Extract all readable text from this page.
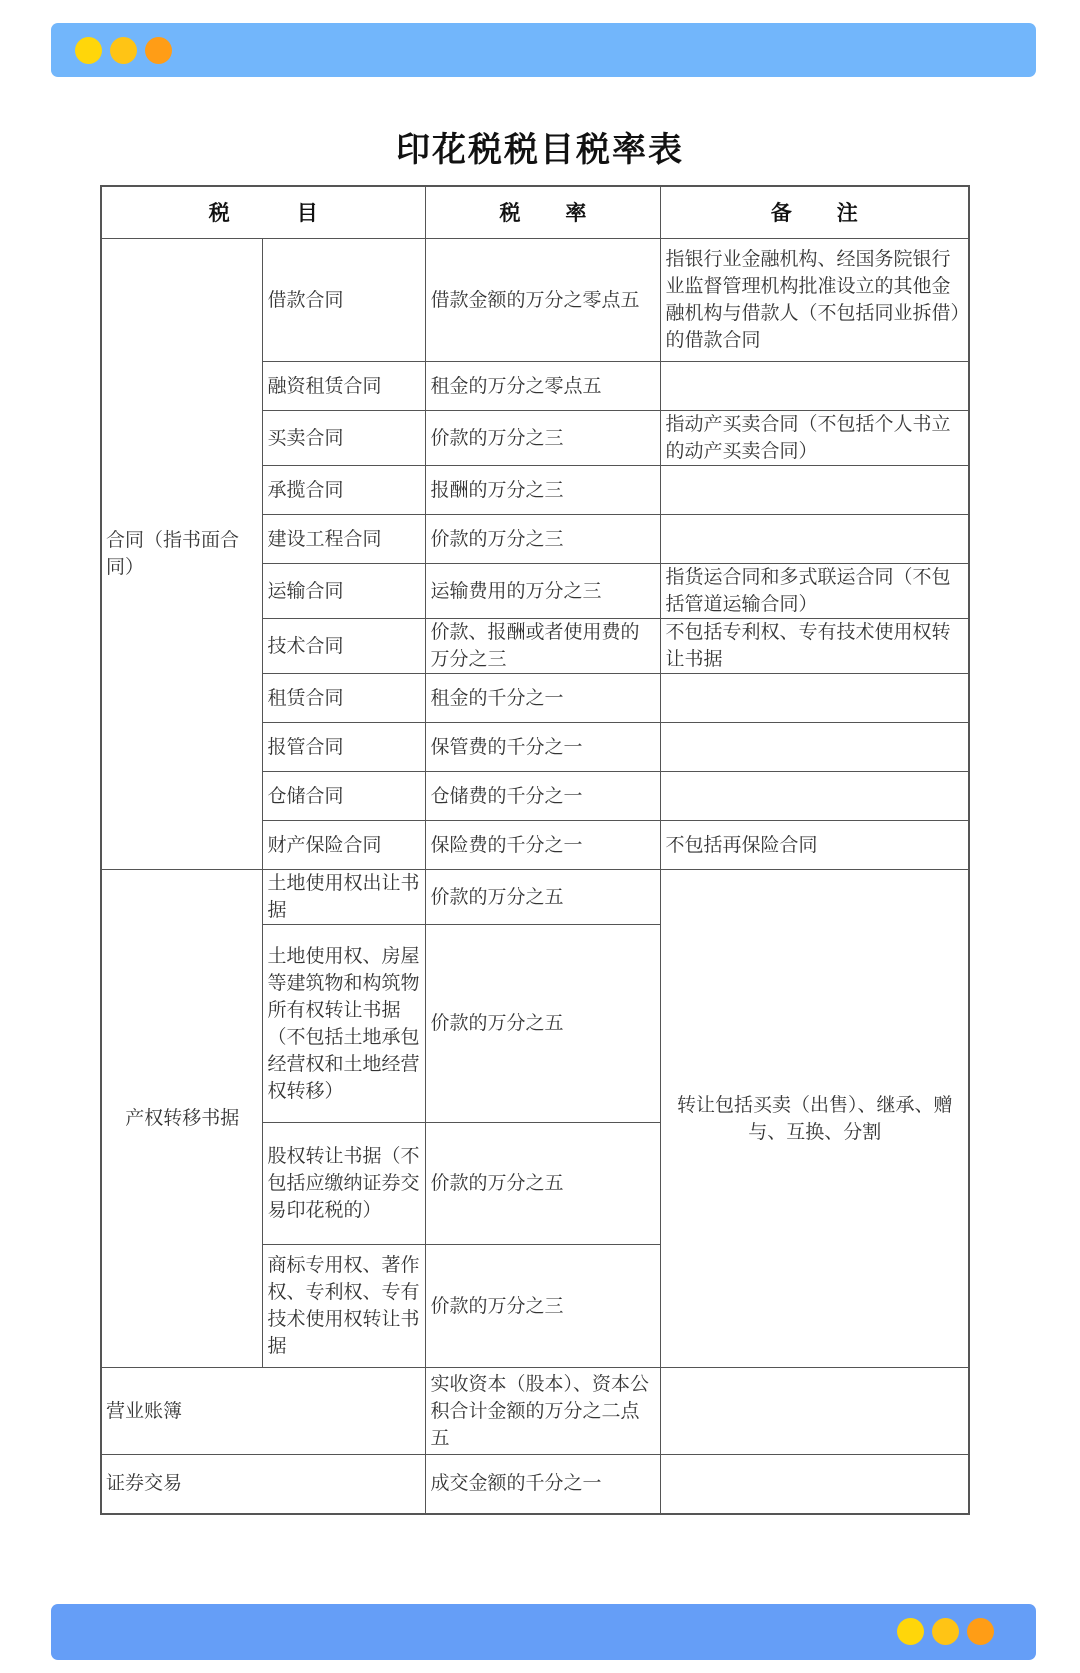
印花税税目税率表
税　　　目		税　　率	备　　注
合同（指书面合同）	借款合同	借款金额的万分之零点五	指银行业金融机构、经国务院银行业监督管理机构批准设立的其他金融机构与借款人（不包括同业拆借）的借款合同
	融资租赁合同	租金的万分之零点五	
	买卖合同	价款的万分之三	指动产买卖合同（不包括个人书立的动产买卖合同）
	承揽合同	报酬的万分之三	
	建设工程合同	价款的万分之三	
	运输合同	运输费用的万分之三	指货运合同和多式联运合同（不包括管道运输合同）
	技术合同	价款、报酬或者使用费的万分之三	不包括专利权、专有技术使用权转让书据
	租赁合同	租金的千分之一	
	报管合同	保管费的千分之一	
	仓储合同	仓储费的千分之一	
	财产保险合同	保险费的千分之一	不包括再保险合同
产权转移书据	土地使用权出让书据	价款的万分之五	转让包括买卖（出售）、继承、赠与、互换、分割
	土地使用权、房屋等建筑物和构筑物所有权转让书据（不包括土地承包经营权和土地经营权转移）	价款的万分之五	
	股权转让书据（不包括应缴纳证券交易印花税的）	价款的万分之五	
	商标专用权、著作权、专利权、专有技术使用权转让书据	价款的万分之三	
营业账簿		实收资本（股本）、资本公积合计金额的万分之二点五	
证券交易		成交金额的千分之一	
